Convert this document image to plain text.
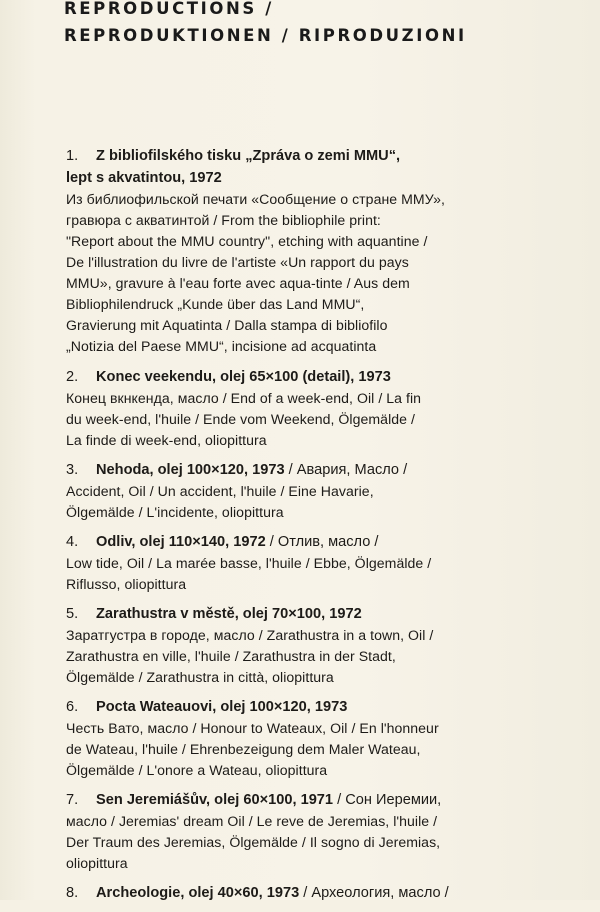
REPRODUCTIONS /
REPRODUKTIONEN / RIPRODUZIONI
1. Z bibliofilského tisku „Zpráva o zemi MMU“,
lept s akvatintou, 1972
Из библиофильской печати «Сообщение о стране ММУ»,
гравюра с акватинтой / From the bibliophile print:
"Report about the MMU country", etching with aquantine /
De l'illustration du livre de l'artiste «Un rapport du pays
MMU», gravure à l'eau forte avec aqua-tinte / Aus dem
Bibliophilendruck „Kunde über das Land MMU“,
Gravierung mit Aquatinta / Dalla stampa di bibliofilo
„Notizia del Paese MMU“, incisione ad acquatinta
2. Konec veekendu, olej 65×100 (detail), 1973
Конец вкнкенда, масло / End of a week-end, Oil / La fin
du week-end, l'huile / Ende vom Weekend, Ölgemälde /
La finde di week-end, oliopittura
3. Nehoda, olej 100×120, 1973 / Авария, Масло /
Accident, Oil / Un accident, l'huile / Eine Havarie,
Ölgemälde / L'incidente, oliopittura
4. Odliv, olej 110×140, 1972 / Отлив, масло /
Low tide, Oil / La marée basse, l'huile / Ebbe, Ölgemälde /
Riflusso, oliopittura
5. Zarathustra v městě, olej 70×100, 1972
Заратгустра в городе, масло / Zarathustra in a town, Oil /
Zarathustra en ville, l'huile / Zarathustra in der Stadt,
Ölgemälde / Zarathustra in città, oliopittura
6. Pocta Wateauovi, olej 100×120, 1973
Честь Вато, масло / Honour to Wateaux, Oil / En l'honneur
de Wateau, l'huile / Ehrenbezeigung dem Maler Wateau,
Ölgemälde / L'onore a Wateau, oliopittura
7. Sen Jeremiášův, olej 60×100, 1971 / Сон Иеремии,
масло / Jeremias' dream Oil / Le reve de Jeremias, l'huile /
Der Traum des Jeremias, Ölgemälde / Il sogno di Jeremias,
oliopittura
8. Archeologie, olej 40×60, 1973 / Археология, масло /
